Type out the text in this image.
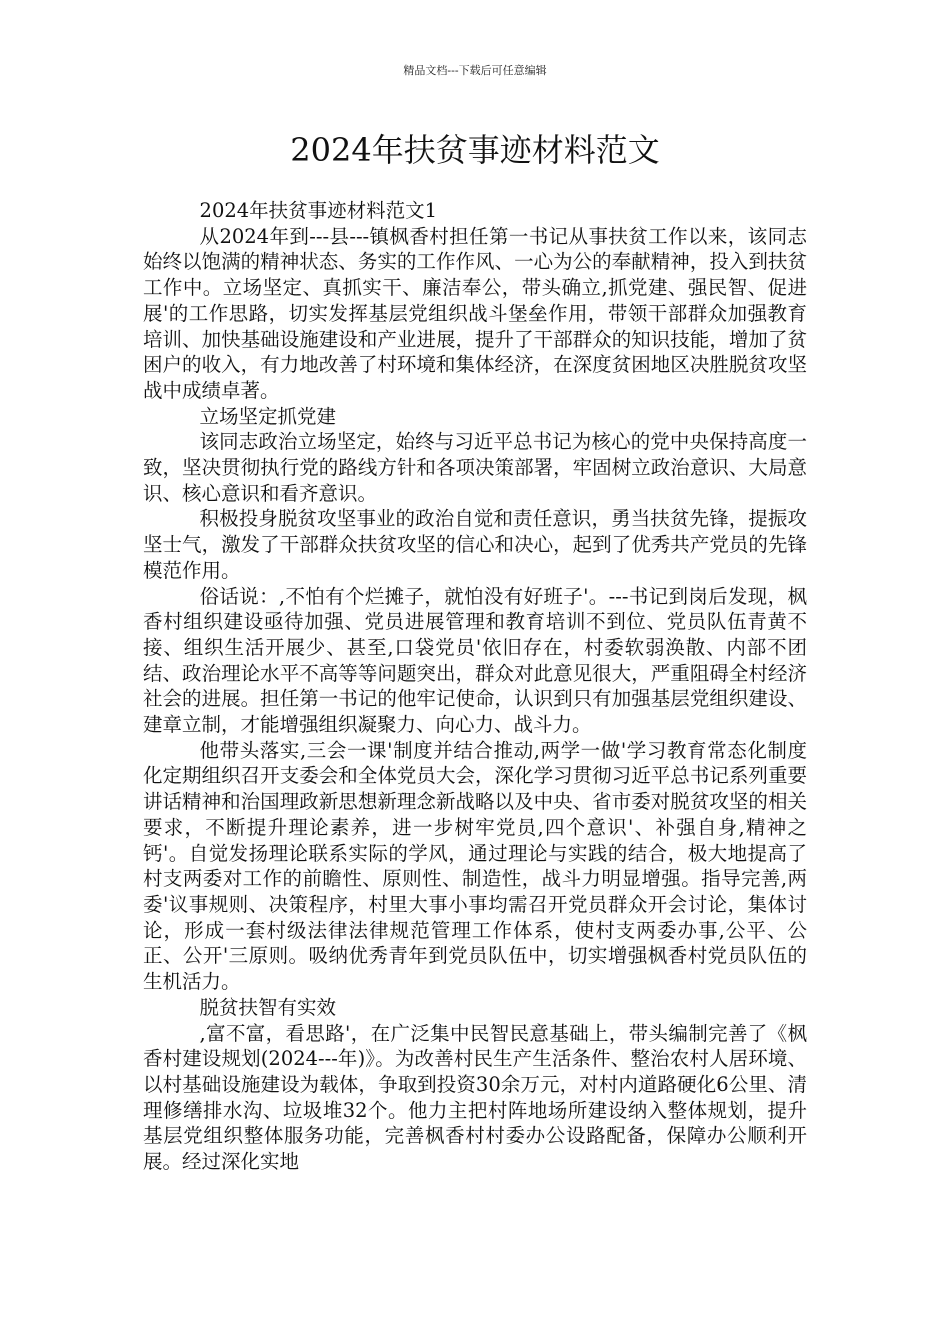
精品文档---下载后可任意编辑
2024年扶贫事迹材料范文

2024年扶贫事迹材料范文1

从2024年到---县---镇枫香村担任第一书记从事扶贫工作以来，该同志始终以饱满的精神状态、务实的工作作风、一心为公的奉献精神，投入到扶贫工作中。立场坚定、真抓实干、廉洁奉公，带头确立,抓党建、强民智、促进展'的工作思路，切实发挥基层党组织战斗堡垒作用，带领干部群众加强教育培训、加快基础设施建设和产业进展，提升了干部群众的知识技能，增加了贫困户的收入，有力地改善了村环境和集体经济，在深度贫困地区决胜脱贫攻坚战中成绩卓著。

立场坚定抓党建

该同志政治立场坚定，始终与习近平总书记为核心的党中央保持高度一致，坚决贯彻执行党的路线方针和各项决策部署，牢固树立政治意识、大局意识、核心意识和看齐意识。

积极投身脱贫攻坚事业的政治自觉和责任意识，勇当扶贫先锋，提振攻坚士气，激发了干部群众扶贫攻坚的信心和决心，起到了优秀共产党员的先锋模范作用。

俗话说：,不怕有个烂摊子，就怕没有好班子'。---书记到岗后发现，枫香村组织建设亟待加强、党员进展管理和教育培训不到位、党员队伍青黄不接、组织生活开展少、甚至,口袋党员'依旧存在，村委软弱涣散、内部不团结、政治理论水平不高等等问题突出，群众对此意见很大，严重阻碍全村经济社会的进展。担任第一书记的他牢记使命，认识到只有加强基层党组织建设、建章立制，才能增强组织凝聚力、向心力、战斗力。

他带头落实,三会一课'制度并结合推动,两学一做'学习教育常态化制度化定期组织召开支委会和全体党员大会，深化学习贯彻习近平总书记系列重要讲话精神和治国理政新思想新理念新战略以及中央、省市委对脱贫攻坚的相关要求，不断提升理论素养，进一步树牢党员,四个意识'、补强自身,精神之钙'。自觉发扬理论联系实际的学风，通过理论与实践的结合，极大地提高了村支两委对工作的前瞻性、原则性、制造性，战斗力明显增强。指导完善,两委'议事规则、决策程序，村里大事小事均需召开党员群众开会讨论，集体讨论，形成一套村级法律法律规范管理工作体系，使村支两委办事,公平、公正、公开'三原则。吸纳优秀青年到党员队伍中，切实增强枫香村党员队伍的生机活力。

脱贫扶智有实效

,富不富，看思路'，在广泛集中民智民意基础上，带头编制完善了《枫香村建设规划(2024---年)》。为改善村民生产生活条件、整治农村人居环境、以村基础设施建设为载体，争取到投资30余万元，对村内道路硬化6公里、清理修缮排水沟、垃圾堆32个。他力主把村阵地场所建设纳入整体规划，提升基层党组织整体服务功能，完善枫香村村委办公设路配备，保障办公顺利开展。经过深化实地
